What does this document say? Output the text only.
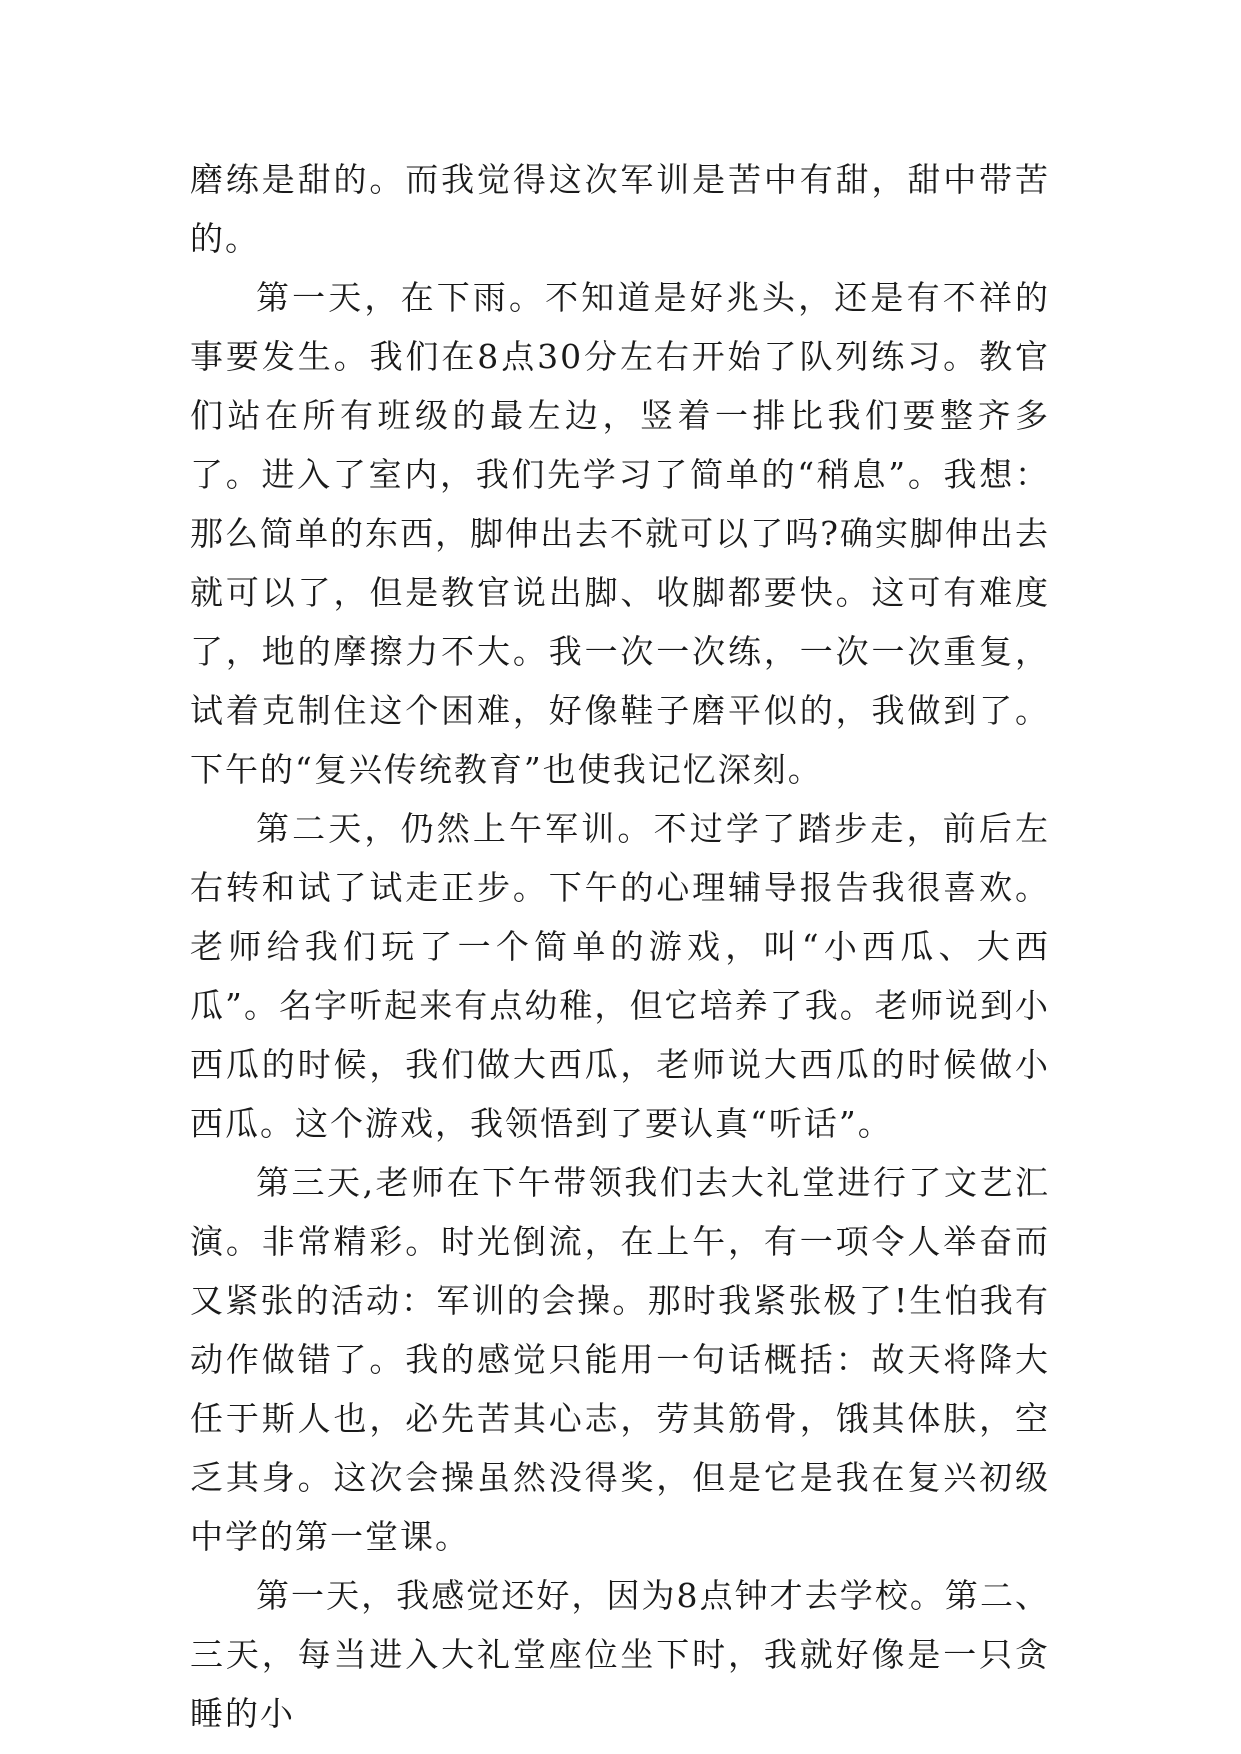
磨练是甜的。而我觉得这次军训是苦中有甜，甜中带苦的。

第一天，在下雨。不知道是好兆头，还是有不祥的事要发生。我们在8点30分左右开始了队列练习。教官们站在所有班级的最左边，竖着一排比我们要整齐多了。进入了室内，我们先学习了简单的“稍息”。我想：那么简单的东西，脚伸出去不就可以了吗?确实脚伸出去就可以了，但是教官说出脚、收脚都要快。这可有难度了，地的摩擦力不大。我一次一次练，一次一次重复，试着克制住这个困难，好像鞋子磨平似的，我做到了。下午的“复兴传统教育”也使我记忆深刻。

第二天，仍然上午军训。不过学了踏步走，前后左右转和试了试走正步。下午的心理辅导报告我很喜欢。老师给我们玩了一个简单的游戏，叫“小西瓜、大西瓜”。名字听起来有点幼稚，但它培养了我。老师说到小西瓜的时候，我们做大西瓜，老师说大西瓜的时候做小西瓜。这个游戏，我领悟到了要认真“听话”。

第三天,老师在下午带领我们去大礼堂进行了文艺汇演。非常精彩。时光倒流，在上午，有一项令人举奋而又紧张的活动：军训的会操。那时我紧张极了!生怕我有动作做错了。我的感觉只能用一句话概括：故天将降大任于斯人也，必先苦其心志，劳其筋骨，饿其体肤，空乏其身。这次会操虽然没得奖，但是它是我在复兴初级中学的第一堂课。

第一天，我感觉还好，因为8点钟才去学校。第二、三天，每当进入大礼堂座位坐下时，我就好像是一只贪睡的小
